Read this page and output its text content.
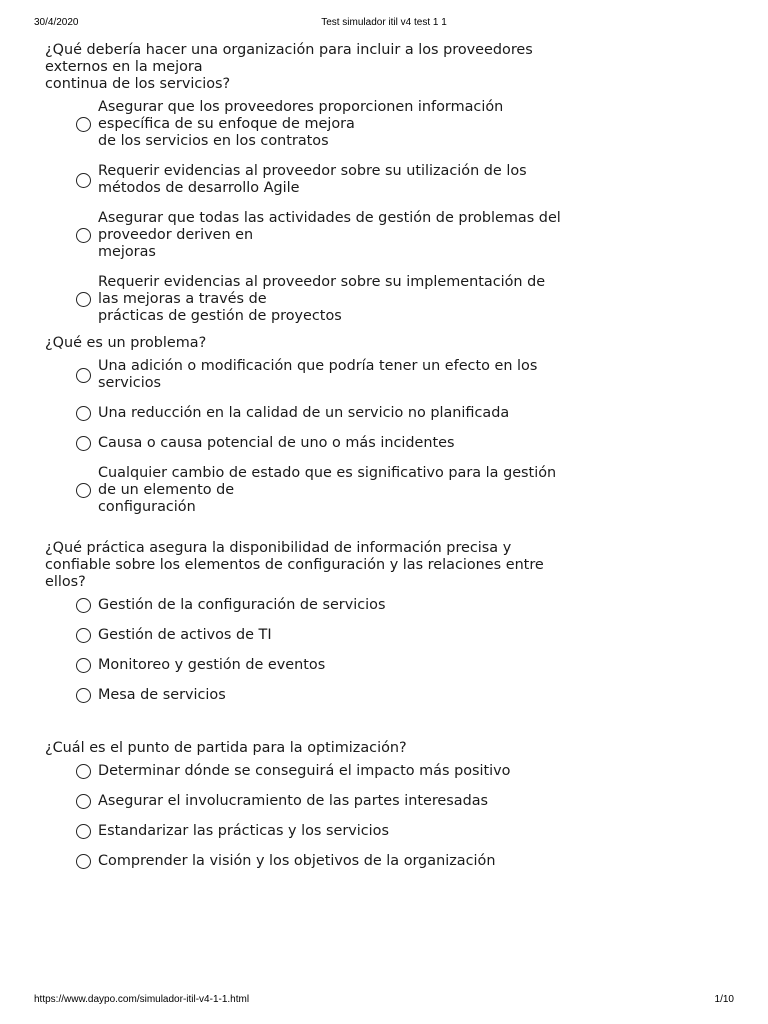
30/4/2020	Test simulador itil v4 test 1 1

¿Qué debería hacer una organización para incluir a los proveedores
externos en la mejora
continua de los servicios?

Asegurar que los proveedores proporcionen información
específica de su enfoque de mejora
de los servicios en los contratos
Requerir evidencias al proveedor sobre su utilización de los
métodos de desarrollo Agile
Asegurar que todas las actividades de gestión de problemas del
proveedor deriven en
mejoras
Requerir evidencias al proveedor sobre su implementación de
las mejoras a través de
prácticas de gestión de proyectos

¿Qué es un problema?

Una adición o modificación que podría tener un efecto en los
servicios
Una reducción en la calidad de un servicio no planificada
Causa o causa potencial de uno o más incidentes
Cualquier cambio de estado que es significativo para la gestión
de un elemento de
configuración

¿Qué práctica asegura la disponibilidad de información precisa y
confiable sobre los elementos de configuración y las relaciones entre
ellos?

Gestión de la configuración de servicios
Gestión de activos de TI
Monitoreo y gestión de eventos
Mesa de servicios

¿Cuál es el punto de partida para la optimización?

Determinar dónde se conseguirá el impacto más positivo
Asegurar el involucramiento de las partes interesadas
Estandarizar las prácticas y los servicios
Comprender la visión y los objetivos de la organización
https://www.daypo.com/simulador-itil-v4-1-1.html	1/10
